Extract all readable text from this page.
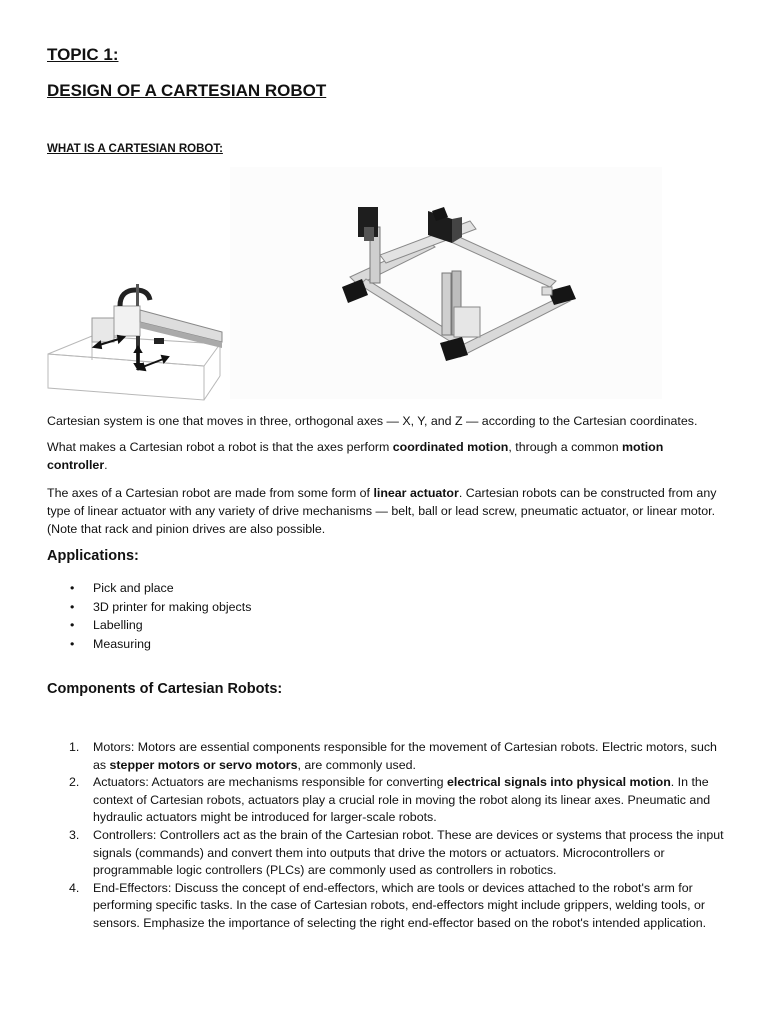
TOPIC 1:
DESIGN OF A CARTESIAN ROBOT
WHAT IS A CARTESIAN ROBOT:

Cartesian system is one that moves in three, orthogonal axes — X, Y, and Z — according to the Cartesian coordinates.

What makes a Cartesian robot a robot is that the axes perform coordinated motion, through a common motion controller.

The axes of a Cartesian robot are made from some form of linear actuator. Cartesian robots can be constructed from any type of linear actuator with any variety of drive mechanisms — belt, ball or lead screw, pneumatic actuator, or linear motor. (Note that rack and pinion drives are also possible.

Applications:
• Pick and place
• 3D printer for making objects
• Labelling
• Measuring
Components of Cartesian Robots:
1. Motors: Motors are essential components responsible for the movement of Cartesian robots. Electric motors, such as stepper motors or servo motors, are commonly used.
2. Actuators: Actuators are mechanisms responsible for converting electrical signals into physical motion. In the context of Cartesian robots, actuators play a crucial role in moving the robot along its linear axes. Pneumatic and hydraulic actuators might be introduced for larger-scale robots.
3. Controllers: Controllers act as the brain of the Cartesian robot. These are devices or systems that process the input signals (commands) and convert them into outputs that drive the motors or actuators. Microcontrollers or programmable logic controllers (PLCs) are commonly used as controllers in robotics.
4. End-Effectors: Discuss the concept of end-effectors, which are tools or devices attached to the robot's arm for performing specific tasks. In the case of Cartesian robots, end-effectors might include grippers, welding tools, or sensors. Emphasize the importance of selecting the right end-effector based on the robot's intended application.
